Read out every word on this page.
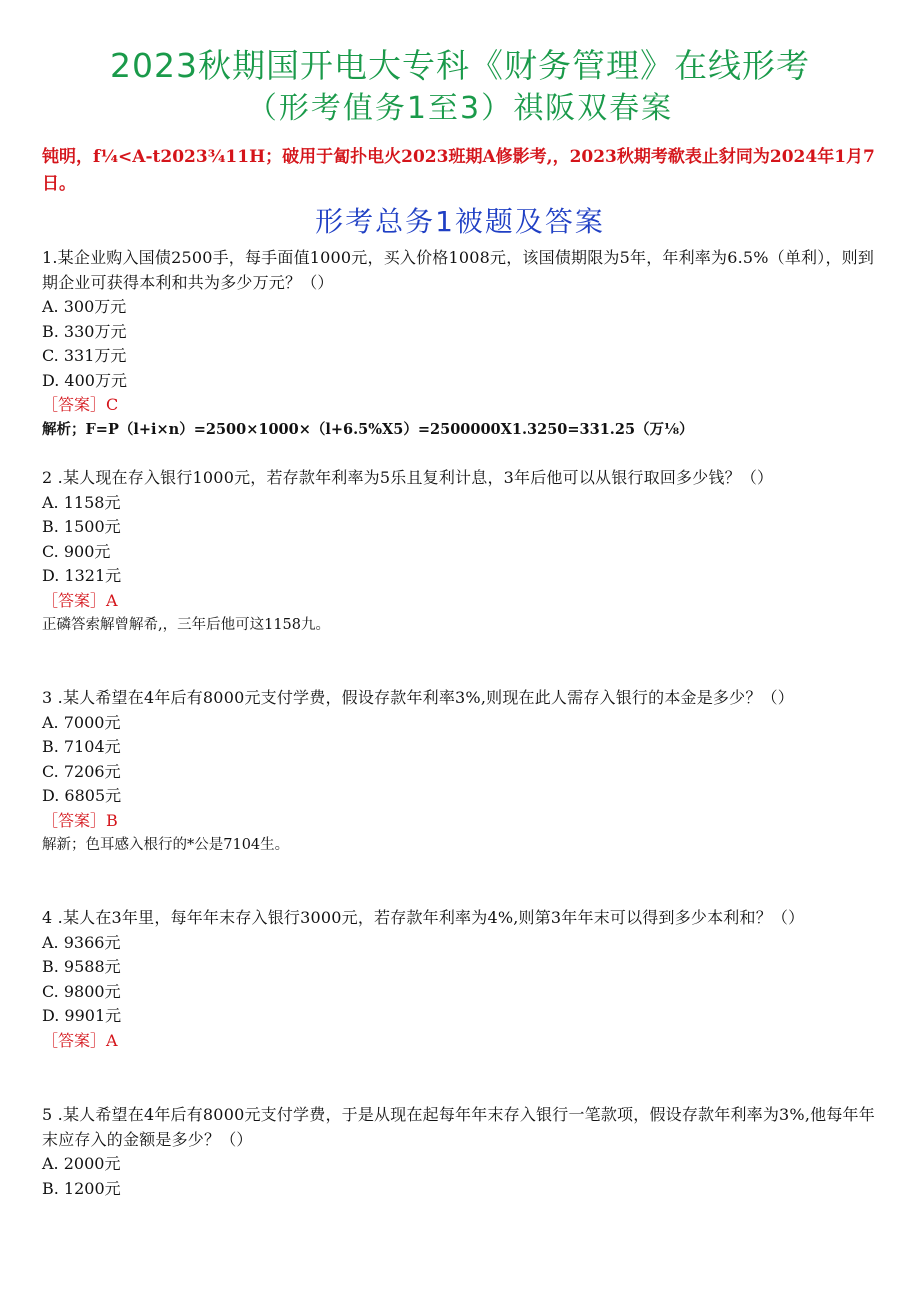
2023秋期国开电大专科《财务管理》在线形考
（形考值务1至3）祺阪双春案
钝明，f¼<A-t2023¾11H；破用于匐扑电火2023班期A修影考,，2023秋期考欷表止豺同为2024年1月7日。
形考总务1被题及答案

1.某企业购入国债2500手，每手面值1000元，买入价格1008元，该国债期限为5年，年利率为6.5%（单利），则到期企业可获得本利和共为多少万元？（）

A. 300万元

B. 330万元

C. 331万元

D. 400万元

［答案］C

解析；F=P（l+i×n）=2500×1000×（l+6.5%X5）=2500000X1.3250=331.25（万⅛）

2 .某人现在存入银行1000元，若存款年利率为5乐且复利计息，3年后他可以从银行取回多少钱？（）

A. 1158元

B. 1500元

C. 900元

D. 1321元

［答案］A

正磷答索解曾解希,，三年后他可这1158九。

3 .某人希望在4年后有8000元支付学费，假设存款年利率3%,则现在此人需存入银行的本金是多少？（）

A. 7000元

B. 7104元

C. 7206元

D. 6805元

［答案］B

解新；色耳感入根行的*公是7104生。

4 .某人在3年里，每年年末存入银行3000元，若存款年利率为4%,则第3年年末可以得到多少本利和？（）

A. 9366元

B. 9588元

C. 9800元

D. 9901元

［答案］A

5 .某人希望在4年后有8000元支付学费，于是从现在起每年年末存入银行一笔款项，假设存款年利率为3%,他每年年末应存入的金额是多少？（）

A. 2000元

B. 1200元
